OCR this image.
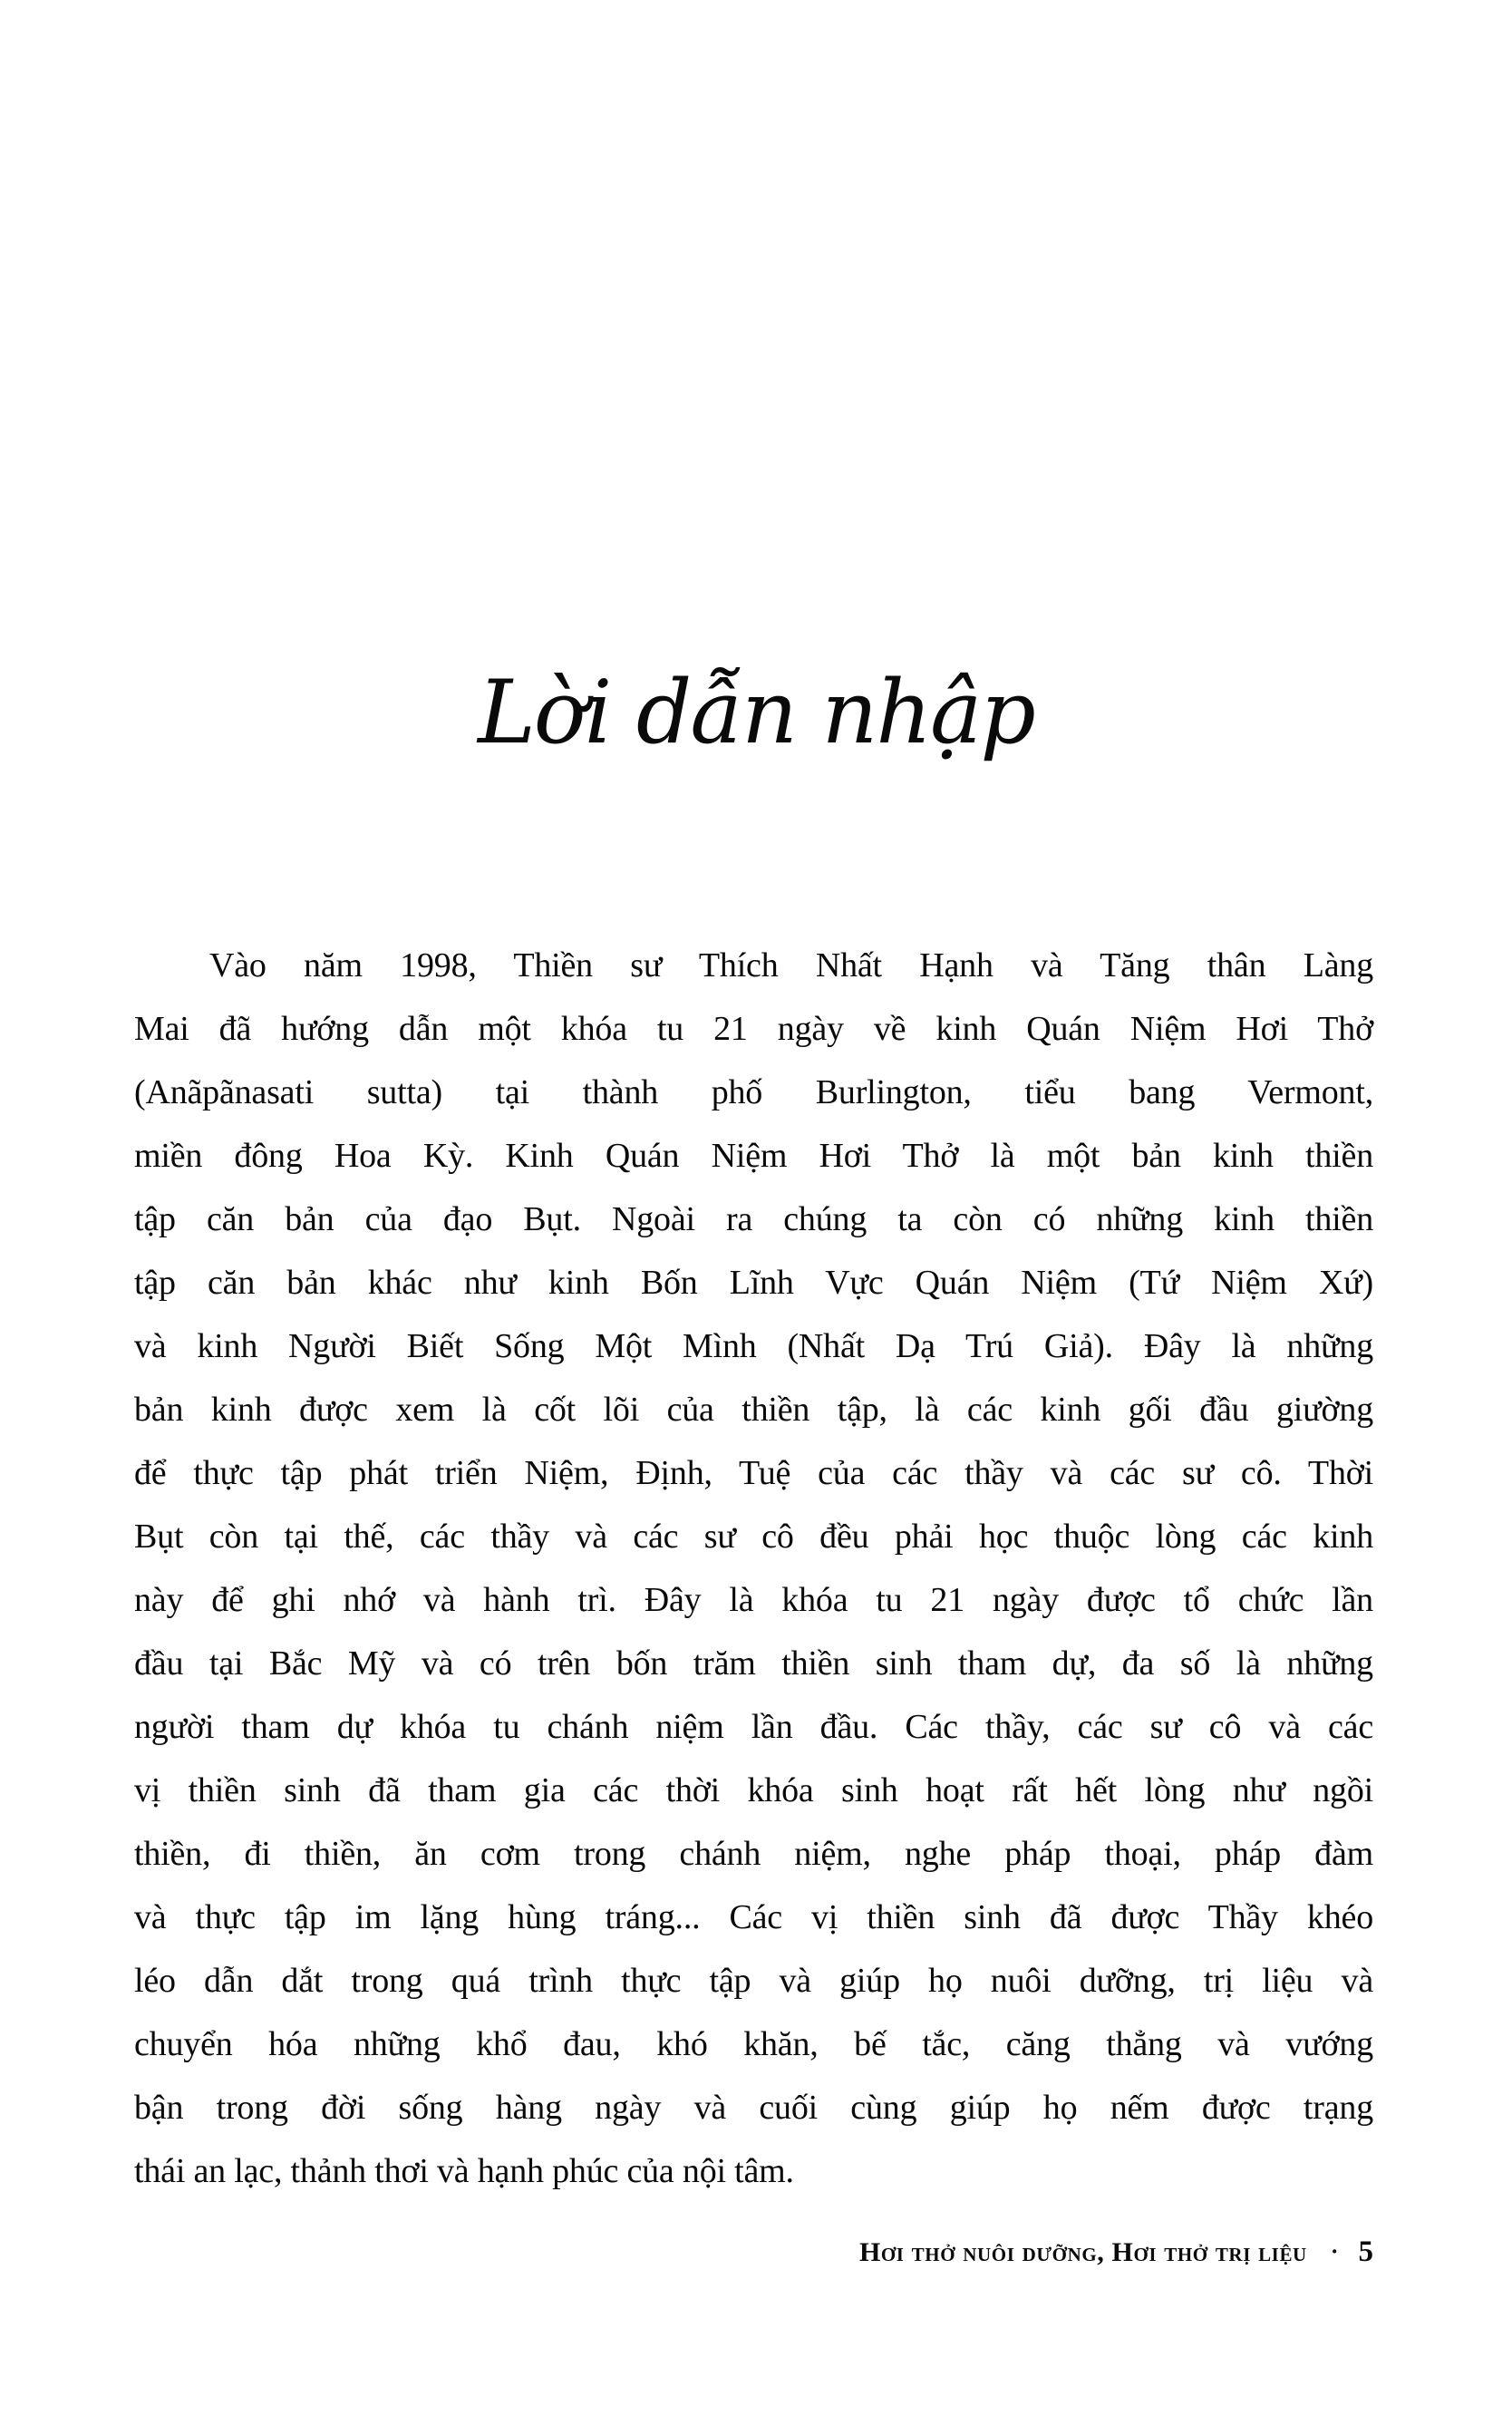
Lời dẫn nhập
Vào năm 1998, Thiền sư Thích Nhất Hạnh và Tăng thân Làng
Mai đã hướng dẫn một khóa tu 21 ngày về kinh Quán Niệm Hơi Thở
(Anãpãnasati sutta) tại thành phố Burlington, tiểu bang Vermont,
miền đông Hoa Kỳ. Kinh Quán Niệm Hơi Thở là một bản kinh thiền
tập căn bản của đạo Bụt. Ngoài ra chúng ta còn có những kinh thiền
tập căn bản khác như kinh Bốn Lĩnh Vực Quán Niệm (Tứ Niệm Xứ)
và kinh Người Biết Sống Một Mình (Nhất Dạ Trú Giả). Đây là những
bản kinh được xem là cốt lõi của thiền tập, là các kinh gối đầu giường
để thực tập phát triển Niệm, Định, Tuệ của các thầy và các sư cô. Thời
Bụt còn tại thế, các thầy và các sư cô đều phải học thuộc lòng các kinh
này để ghi nhớ và hành trì. Đây là khóa tu 21 ngày được tổ chức lần
đầu tại Bắc Mỹ và có trên bốn trăm thiền sinh tham dự, đa số là những
người tham dự khóa tu chánh niệm lần đầu. Các thầy, các sư cô và các
vị thiền sinh đã tham gia các thời khóa sinh hoạt rất hết lòng như ngồi
thiền, đi thiền, ăn cơm trong chánh niệm, nghe pháp thoại, pháp đàm
và thực tập im lặng hùng tráng... Các vị thiền sinh đã được Thầy khéo
léo dẫn dắt trong quá trình thực tập và giúp họ nuôi dưỡng, trị liệu và
chuyển hóa những khổ đau, khó khăn, bế tắc, căng thẳng và vướng
bận trong đời sống hàng ngày và cuối cùng giúp họ nếm được trạng
thái an lạc, thảnh thơi và hạnh phúc của nội tâm.
Hơi thở nuôi dưỡng, Hơi thở trị liệu · 5
